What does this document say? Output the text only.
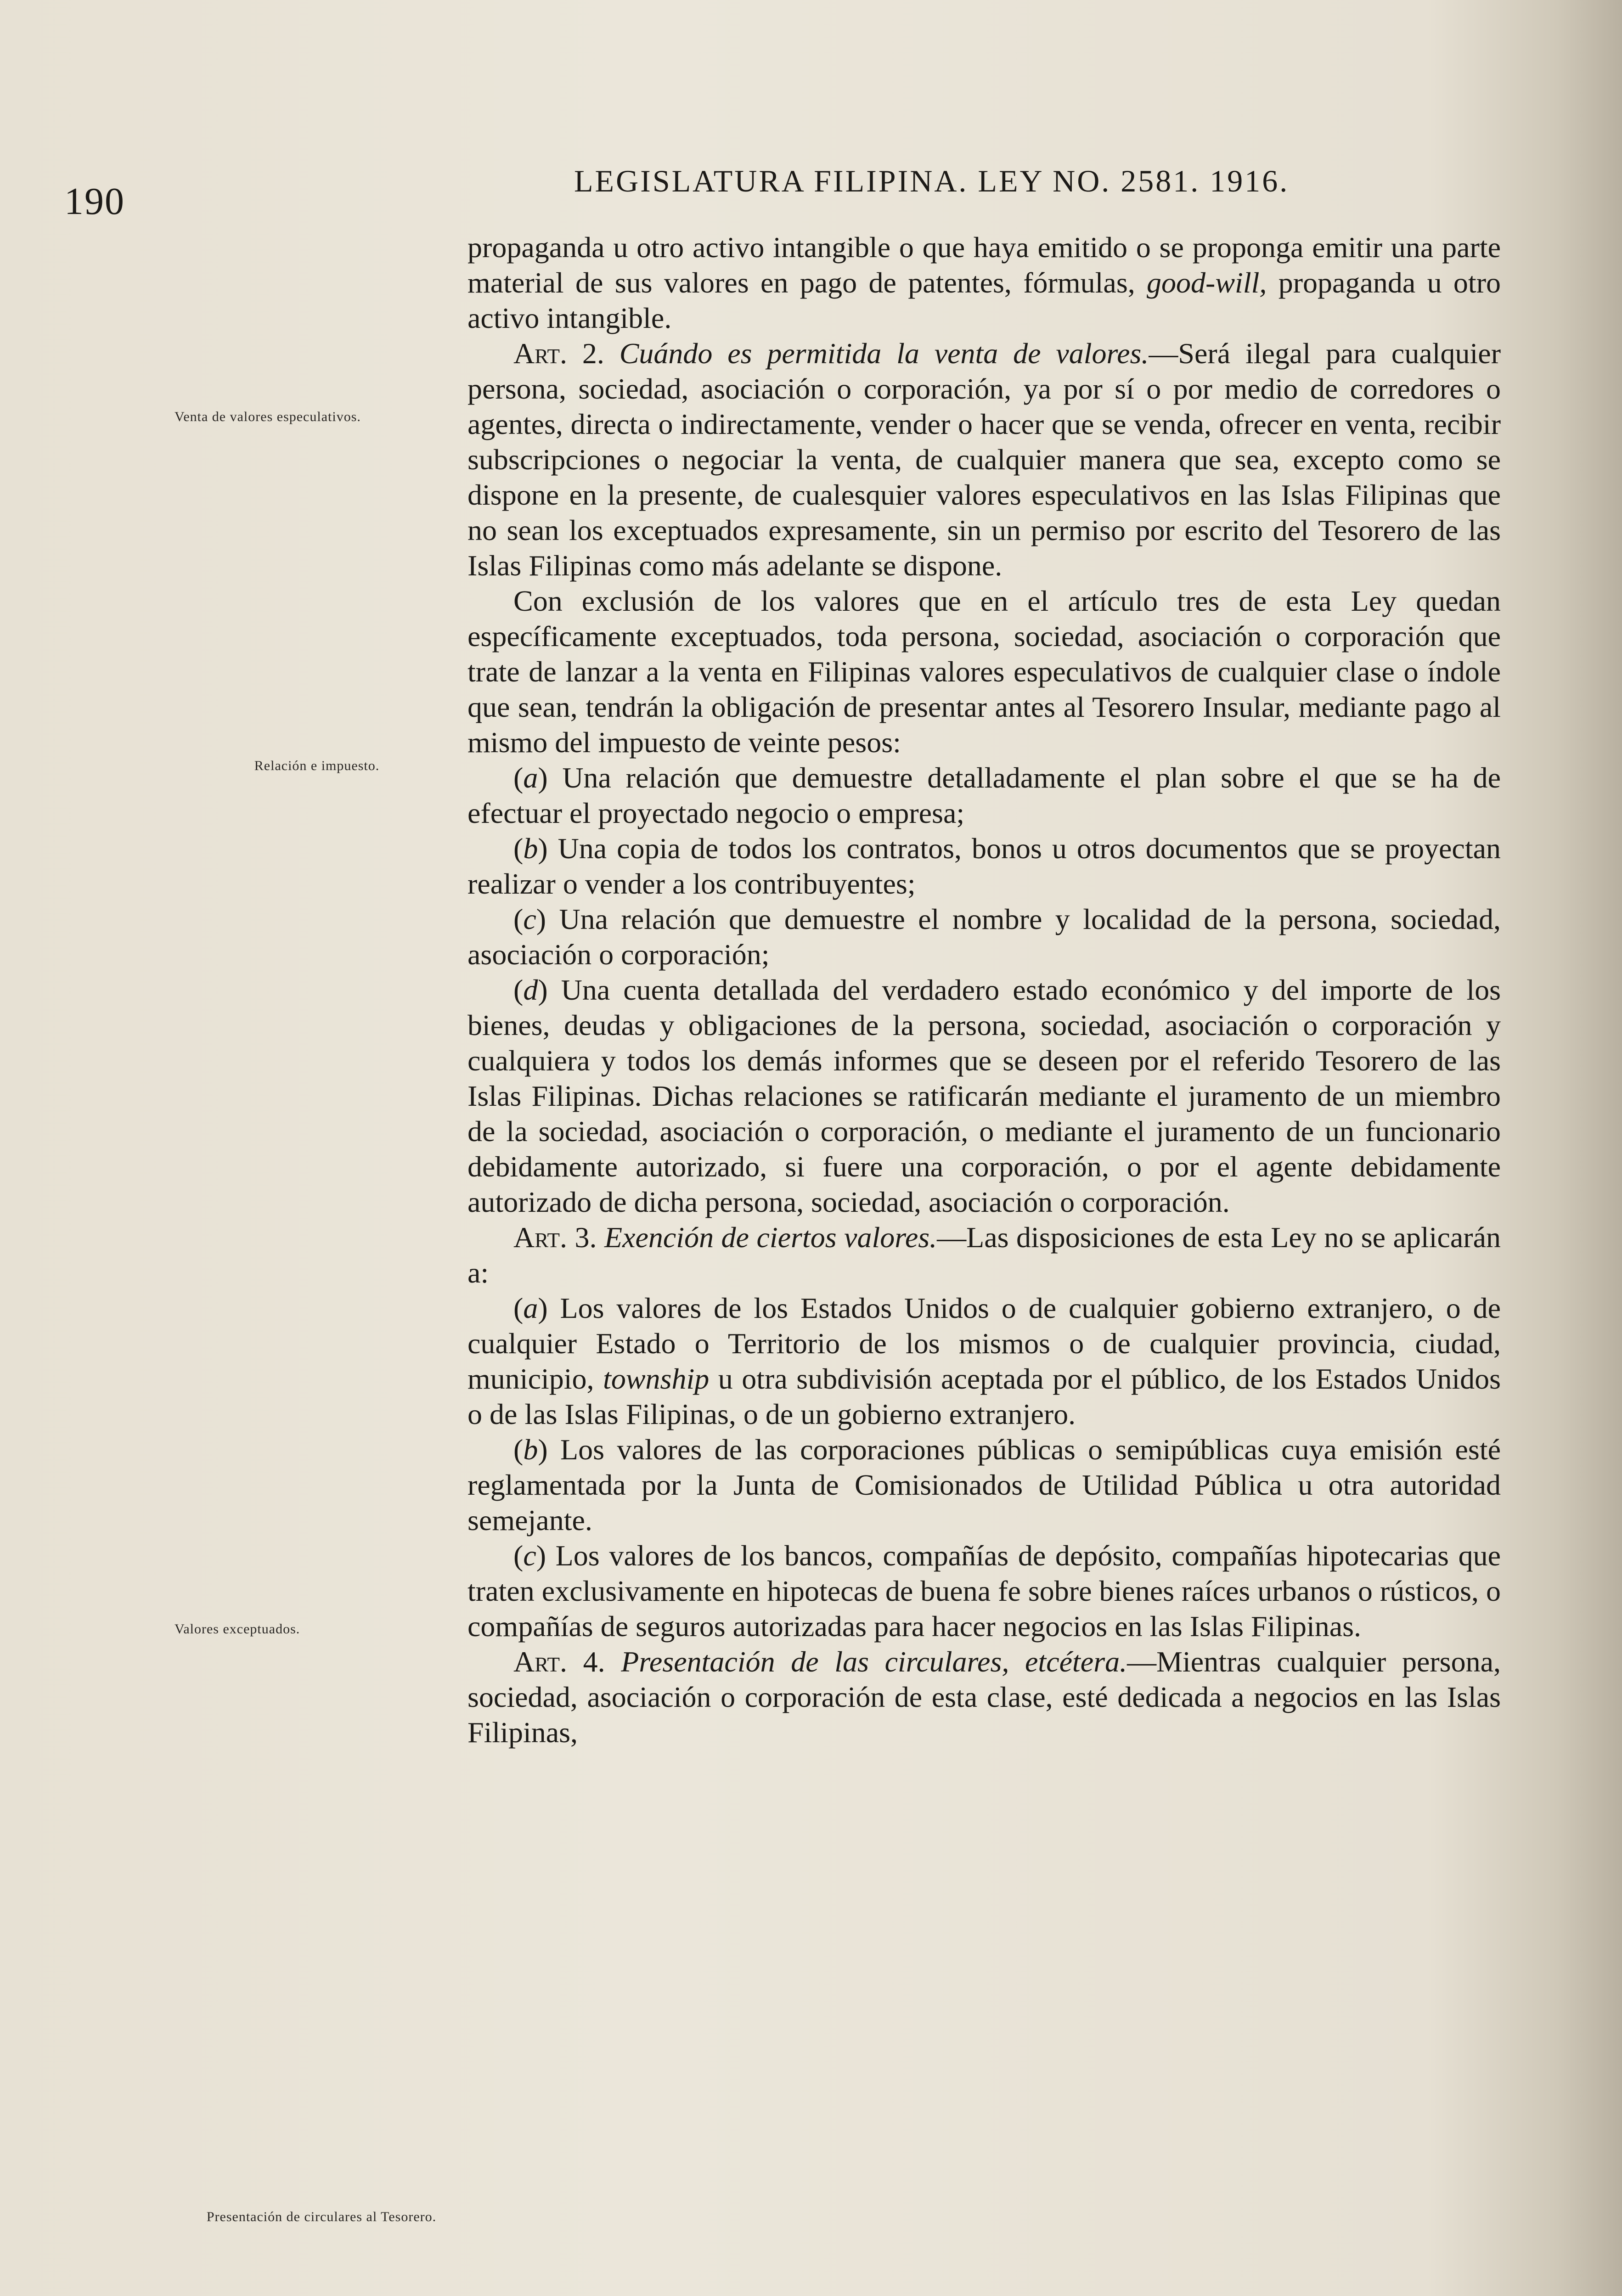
190	LEGISLATURA FILIPINA. LEY NO. 2581. 1916.
Venta de valores especulativos.
Relación e impuesto.
Valores exceptuados.
Presentación de circulares al Tesorero.

propaganda u otro activo intangible o que haya emitido o se proponga emitir una parte material de sus valores en pago de patentes, fórmulas, good-will, propaganda u otro activo intangible.

Art. 2. Cuándo es permitida la venta de valores.—Será ilegal para cualquier persona, sociedad, asociación o corporación, ya por sí o por medio de corredores o agentes, directa o indirectamente, vender o hacer que se venda, ofrecer en venta, recibir subscripciones o negociar la venta, de cualquier manera que sea, excepto como se dispone en la presente, de cualesquier valores especulativos en las Islas Filipinas que no sean los exceptuados expresamente, sin un permiso por escrito del Tesorero de las Islas Filipinas como más adelante se dispone.

Con exclusión de los valores que en el artículo tres de esta Ley quedan específicamente exceptuados, toda persona, sociedad, asociación o corporación que trate de lanzar a la venta en Filipinas valores especulativos de cualquier clase o índole que sean, tendrán la obligación de presentar antes al Tesorero Insular, mediante pago al mismo del impuesto de veinte pesos:

(a) Una relación que demuestre detalladamente el plan sobre el que se ha de efectuar el proyectado negocio o empresa;

(b) Una copia de todos los contratos, bonos u otros documentos que se proyectan realizar o vender a los contribuyentes;

(c) Una relación que demuestre el nombre y localidad de la persona, sociedad, asociación o corporación;

(d) Una cuenta detallada del verdadero estado económico y del importe de los bienes, deudas y obligaciones de la persona, sociedad, asociación o corporación y cualquiera y todos los demás informes que se deseen por el referido Tesorero de las Islas Filipinas. Dichas relaciones se ratificarán mediante el juramento de un miembro de la sociedad, asociación o corporación, o mediante el juramento de un funcionario debidamente autorizado, si fuere una corporación, o por el agente debidamente autorizado de dicha persona, sociedad, asociación o corporación.

Art. 3. Exención de ciertos valores.—Las disposiciones de esta Ley no se aplicarán a:

(a) Los valores de los Estados Unidos o de cualquier gobierno extranjero, o de cualquier Estado o Territorio de los mismos o de cualquier provincia, ciudad, municipio, township u otra subdivisión aceptada por el público, de los Estados Unidos o de las Islas Filipinas, o de un gobierno extranjero.

(b) Los valores de las corporaciones públicas o semipúblicas cuya emisión esté reglamentada por la Junta de Comisionados de Utilidad Pública u otra autoridad semejante.

(c) Los valores de los bancos, compañías de depósito, compañías hipotecarias que traten exclusivamente en hipotecas de buena fe sobre bienes raíces urbanos o rústicos, o compañías de seguros autorizadas para hacer negocios en las Islas Filipinas.

Art. 4. Presentación de las circulares, etcétera.—Mientras cualquier persona, sociedad, asociación o corporación de esta clase, esté dedicada a negocios en las Islas Filipinas,
